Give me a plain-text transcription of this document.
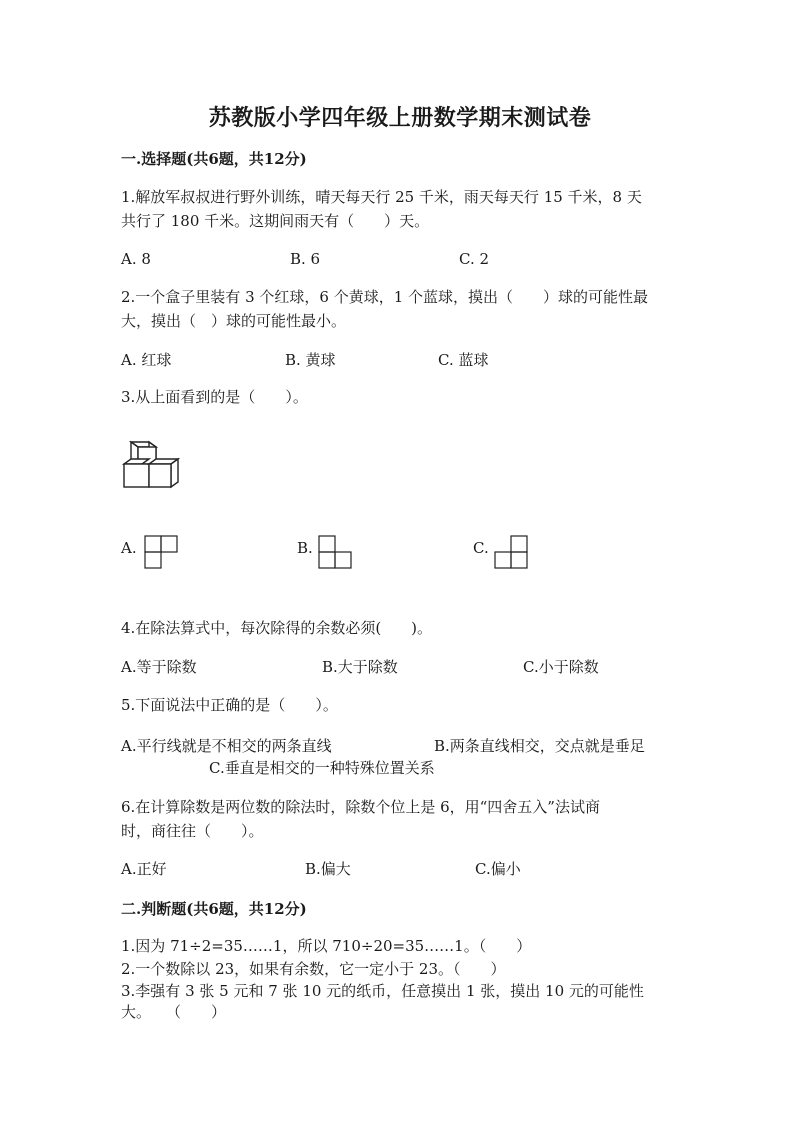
苏教版小学四年级上册数学期末测试卷
一.选择题(共6题，共12分)
1.解放军叔叔进行野外训练，晴天每天行 25 千米，雨天每天行 15 千米，8 天
共行了 180 千米。这期间雨天有（　　）天。
A. 8	B. 6	C. 2
2.一个盒子里装有 3 个红球，6 个黄球，1 个蓝球，摸出（　　）球的可能性最
大，摸出（　）球的可能性最小。
A. 红球	B. 黄球	C. 蓝球
3.从上面看到的是（　　）。
A.	B.	C.
4.在除法算式中，每次除得的余数必须(　　)。
A.等于除数	B.大于除数	C.小于除数
5.下面说法中正确的是（　　）。
A.平行线就是不相交的两条直线	B.两条直线相交，交点就是垂足
C.垂直是相交的一种特殊位置关系
6.在计算除数是两位数的除法时，除数个位上是 6，用“四舍五入”法试商
时，商往往（　　）。
A.正好	B.偏大	C.偏小
二.判断题(共6题，共12分)
1.因为 71÷2=35……1，所以 710÷20=35……1。（　　）
2.一个数除以 23，如果有余数，它一定小于 23。（　　）
3.李强有 3 张 5 元和 7 张 10 元的纸币，任意摸出 1 张，摸出 10 元的可能性
大。　　（　　）
